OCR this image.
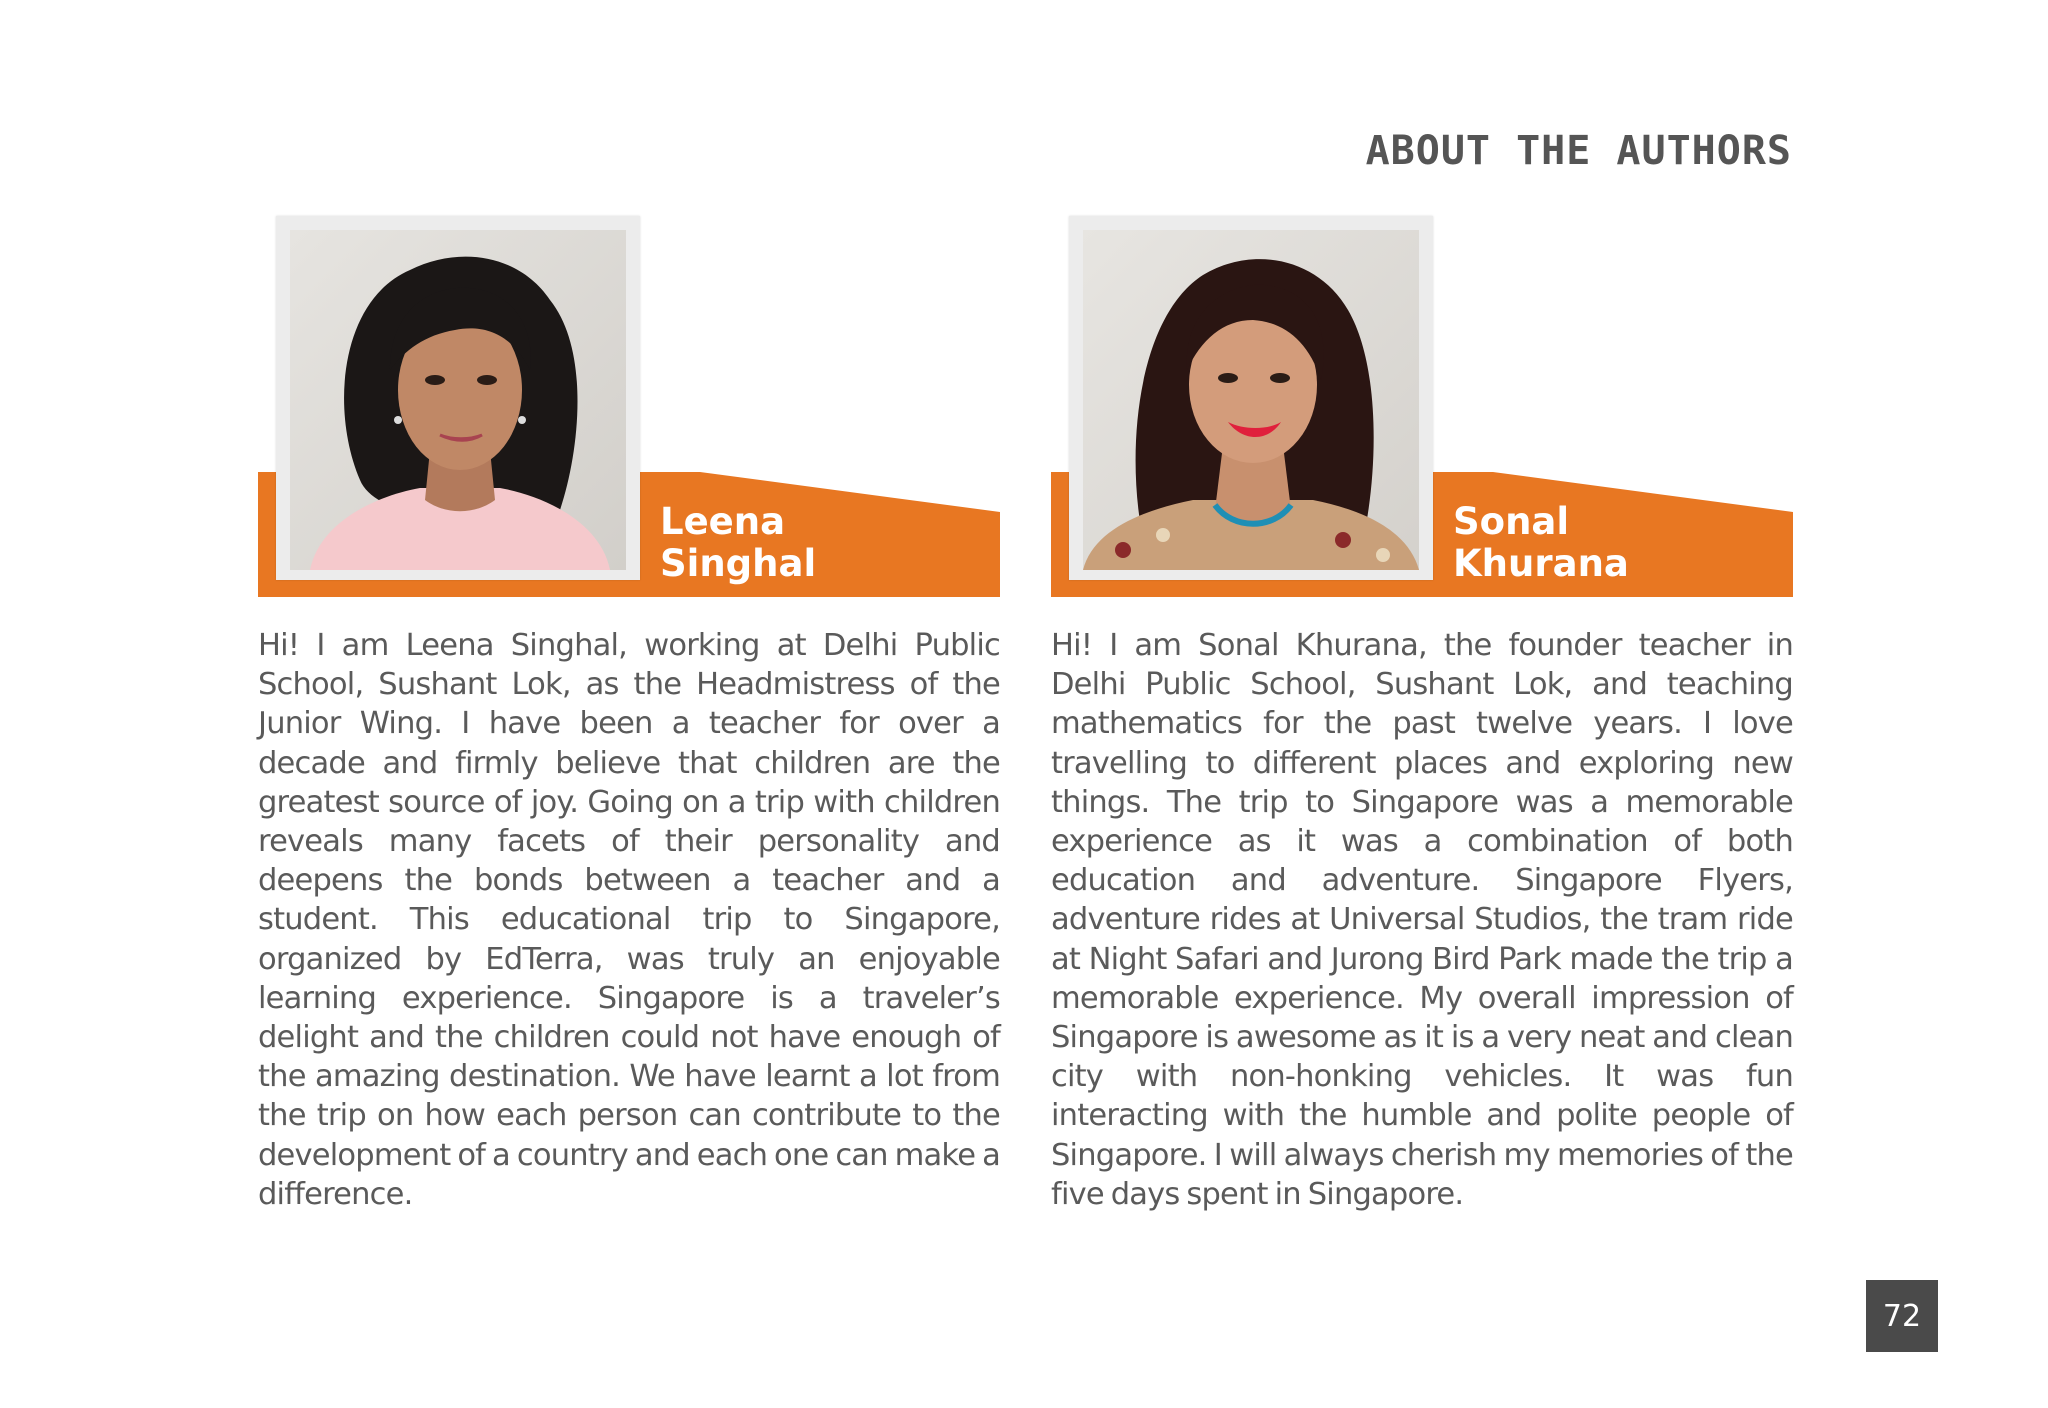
ABOUT THE AUTHORS
Leena
Singhal

Hi! I am Leena Singhal, working at Delhi Public School, Sushant Lok, as the Headmistress of the Junior Wing. I have been a teacher for over a decade and firmly believe that children are the greatest source of joy. Going on a trip with children reveals many facets of their personality and deepens the bonds between a teacher and a student. This educational trip to Singapore, organized by EdTerra, was truly an enjoyable learning experience. Singapore is a traveler’s delight and the children could not have enough of the amazing destination. We have learnt a lot from the trip on how each person can contribute to the development of a country and each one can make a difference.

Sonal
Khurana

Hi! I am Sonal Khurana, the founder teacher in Delhi Public School, Sushant Lok, and teaching mathematics for the past twelve years. I love travelling to different places and exploring new things. The trip to Singapore was a memorable experience as it was a combination of both education and adventure. Singapore Flyers, adventure rides at Universal Studios, the tram ride at Night Safari and Jurong Bird Park made the trip a memorable experience. My overall impression of Singapore is awesome as it is a very neat and clean city with non-honking vehicles. It was fun interacting with the humble and polite people of Singapore. I will always cherish my memories of the five days spent in Singapore.

72
